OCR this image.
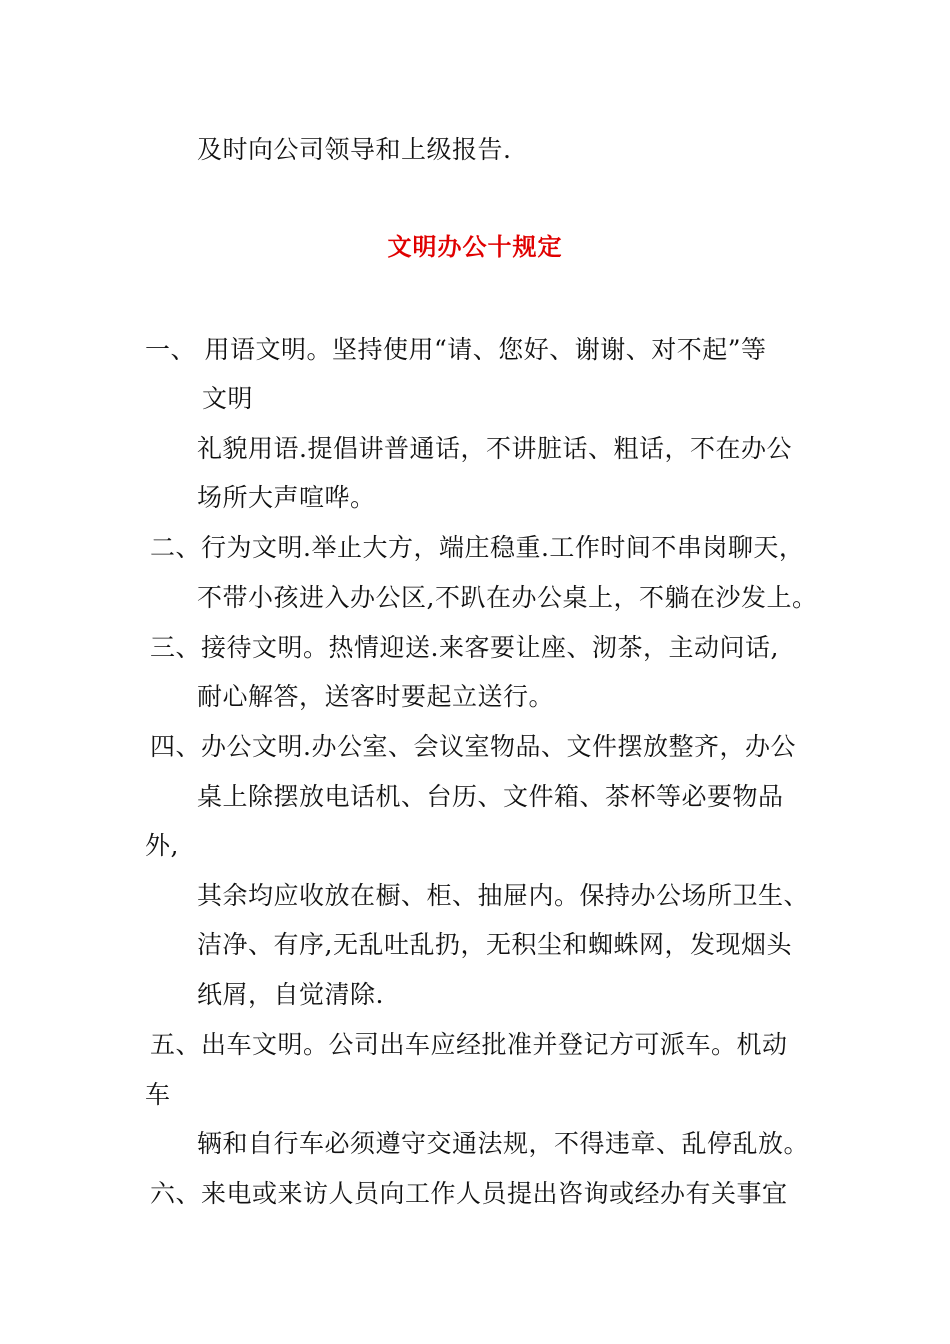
及时向公司领导和上级报告.
文明办公十规定
一、 用语文明。坚持使用“请、您好、谢谢、对不起”等
文明
礼貌用语.提倡讲普通话，不讲脏话、粗话，不在办公
场所大声喧哗。
二、行为文明.举止大方，端庄稳重.工作时间不串岗聊天，
不带小孩进入办公区,不趴在办公桌上，不躺在沙发上。
三、接待文明。热情迎送.来客要让座、沏茶，主动问话,
耐心解答，送客时要起立送行。
四、办公文明.办公室、会议室物品、文件摆放整齐，办公
桌上除摆放电话机、台历、文件箱、茶杯等必要物品
外,
其余均应收放在橱、柜、抽屉内。保持办公场所卫生、
洁净、有序,无乱吐乱扔，无积尘和蜘蛛网，发现烟头
纸屑，自觉清除.
五、出车文明。公司出车应经批准并登记方可派车。机动
车
辆和自行车必须遵守交通法规，不得违章、乱停乱放。
六、来电或来访人员向工作人员提出咨询或经办有关事宜
